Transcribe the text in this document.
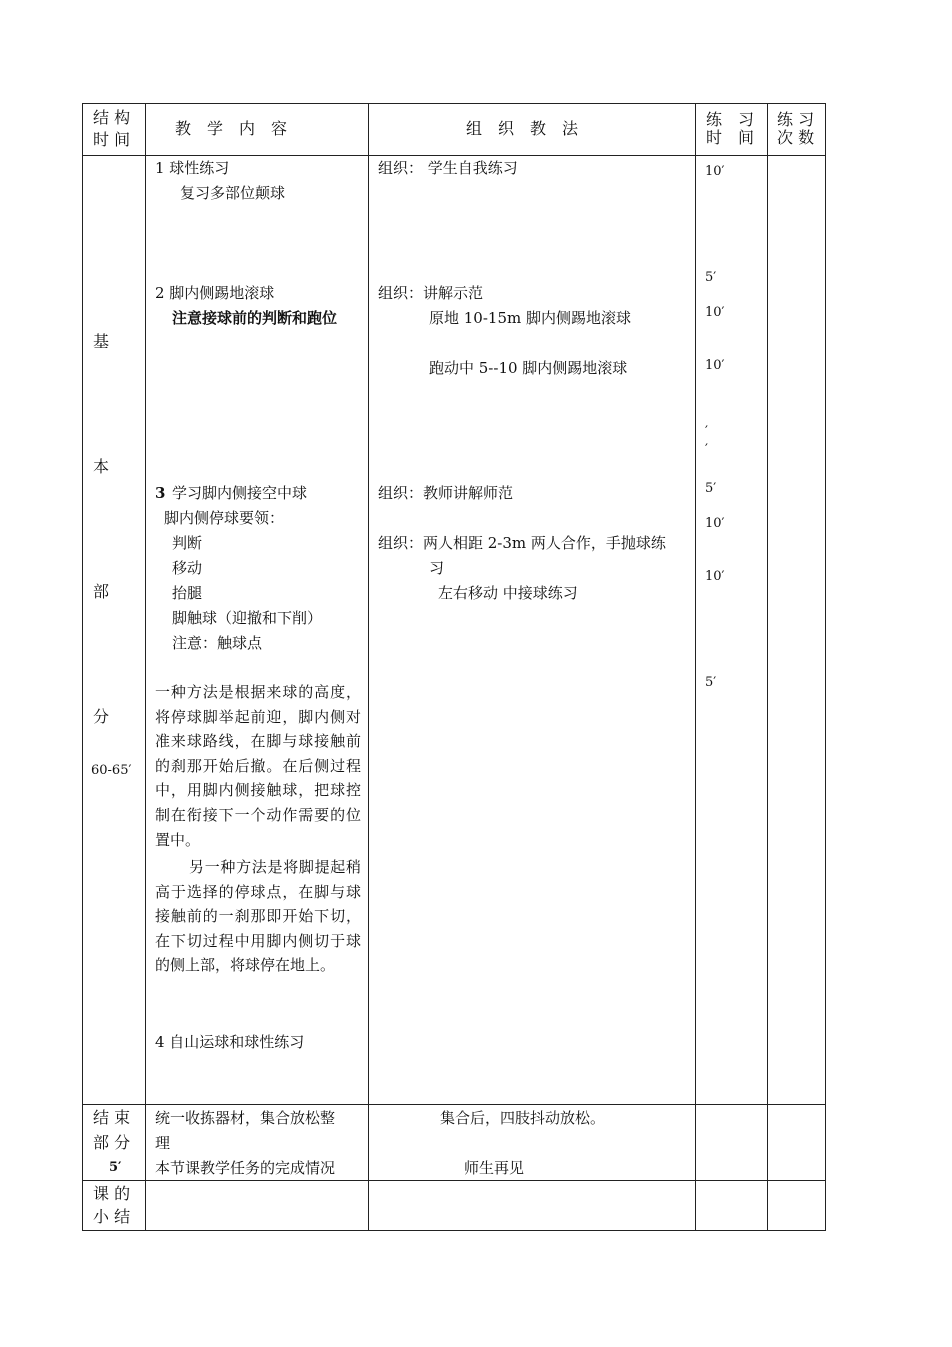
结 构
时 间
教　学　内　容	组　织　教　法	练　习
时　间
练 习
次 数
基
本
部
分
60-65′
1 球性练习
复习多部位颠球
2 脚内侧踢地滚球
注意接球前的判断和跑位
3 学习脚内侧接空中球
脚内侧停球要领：
判断
移动
抬腿
脚触球（迎撤和下削）
注意：触球点
一种方法是根据来球的高度，将停球脚举起前迎，脚内侧对准来球路线，在脚与球接触前的刹那开始后撤。在后侧过程中，用脚内侧接触球，把球控制在衔接下一个动作需要的位置中。
另一种方法是将脚提起稍高于选择的停球点，在脚与球接触前的一刹那即开始下切，在下切过程中用脚内侧切于球的侧上部，将球停在地上。
4 自山运球和球性练习
组织： 学生自我练习
组织：讲解示范
原地 10-15m 脚内侧踢地滚球
跑动中 5--10 脚内侧踢地滚球
组织：教师讲解师范
组织：两人相距 2-3m 两人合作，手抛球练
习
左右移动 中接球练习
10′
5′
10′
10′
′
′
5′
10′
10′
5′
结 束
部 分
5′
统一收拣器材，集合放松整
理
本节课教学任务的完成情况
集合后，四肢抖动放松。
师生再见
课 的
小 结
